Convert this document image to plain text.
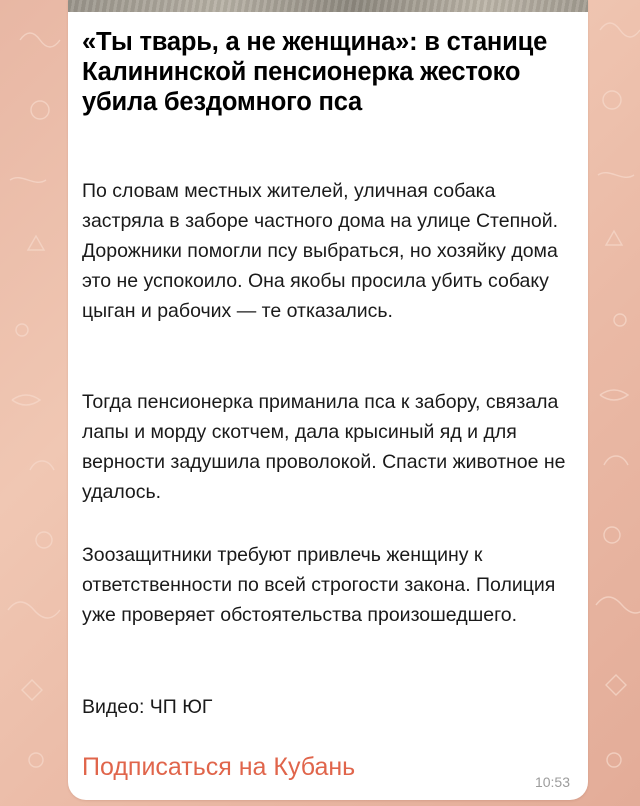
«Ты тварь, а не женщина»: в станице Калининской пенсионерка жестоко убила бездомного пса

По словам местных жителей, уличная собака застряла в заборе частного дома на улице Степной. Дорожники помогли псу выбраться, но хозяйку дома это не успокоило. Она якобы просила убить собаку цыган и рабочих — те отказались.

Тогда пенсионерка приманила пса к забору, связала лапы и морду скотчем, дала крысиный яд и для верности задушила проволокой. Спасти животное не удалось.

Зоозащитники требуют привлечь женщину к ответственности по всей строгости закона. Полиция уже проверяет обстоятельства произошедшего.

Видео: ЧП ЮГ

Подписаться на Кубань
10:53
